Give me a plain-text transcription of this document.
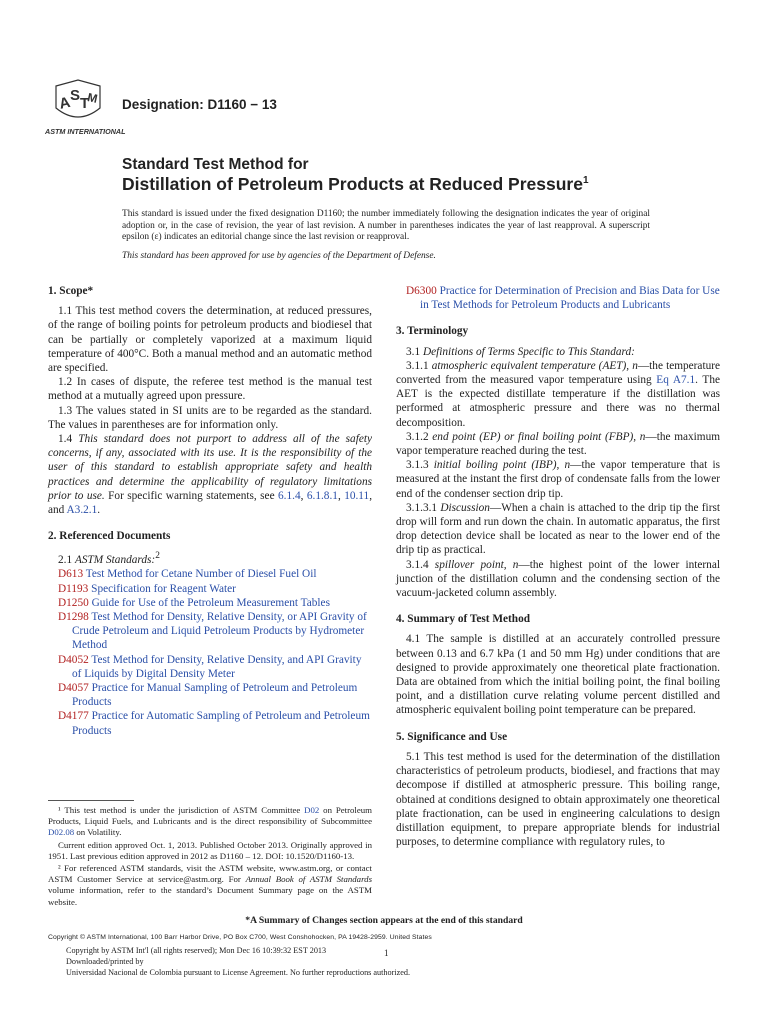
A
S T
M
ASTM INTERNATIONAL
Designation: D1160 − 13
Standard Test Method for
Distillation of Petroleum Products at Reduced Pressure$^1$
This standard is issued under the fixed designation D1160; the number immediately following the designation indicates the year of original adoption or, in the case of revision, the year of last revision. A number in parentheses indicates the year of last reapproval. A superscript epsilon (ε) indicates an editorial change since the last revision or reapproval.
This standard has been approved for use by agencies of the Department of Defense.
1. Scope*

1.1 This test method covers the determination, at reduced pressures, of the range of boiling points for petroleum products and biodiesel that can be partially or completely vaporized at a maximum liquid temperature of 400°C. Both a manual method and an automatic method are specified.

1.2 In cases of dispute, the referee test method is the manual test method at a mutually agreed upon pressure.

1.3 The values stated in SI units are to be regarded as the standard. The values in parentheses are for information only.

1.4 This standard does not purport to address all of the safety concerns, if any, associated with its use. It is the responsibility of the user of this standard to establish appropriate safety and health practices and determine the applicability of regulatory limitations prior to use. For specific warning statements, see 6.1.4, 6.1.8.1, 10.11, and A3.2.1.

2. Referenced Documents

2.1 ASTM Standards:$^2$

D613 Test Method for Cetane Number of Diesel Fuel Oil

D1193 Specification for Reagent Water

D1250 Guide for Use of the Petroleum Measurement Tables

D1298 Test Method for Density, Relative Density, or API Gravity of Crude Petroleum and Liquid Petroleum Products by Hydrometer Method

D4052 Test Method for Density, Relative Density, and API Gravity of Liquids by Digital Density Meter

D4057 Practice for Manual Sampling of Petroleum and Petroleum Products

D4177 Practice for Automatic Sampling of Petroleum and Petroleum Products

D6300 Practice for Determination of Precision and Bias Data for Use in Test Methods for Petroleum Products and Lubricants

3. Terminology

3.1 Definitions of Terms Specific to This Standard:

3.1.1 atmospheric equivalent temperature (AET), n—the temperature converted from the measured vapor temperature using Eq A7.1. The AET is the expected distillate temperature if the distillation was performed at atmospheric pressure and there was no thermal decomposition.

3.1.2 end point (EP) or final boiling point (FBP), n—the maximum vapor temperature reached during the test.

3.1.3 initial boiling point (IBP), n—the vapor temperature that is measured at the instant the first drop of condensate falls from the lower end of the condenser section drip tip.

3.1.3.1 Discussion—When a chain is attached to the drip tip the first drop will form and run down the chain. In automatic apparatus, the first drop detection device shall be located as near to the lower end of the drip tip as practical.

3.1.4 spillover point, n—the highest point of the lower internal junction of the distillation column and the condensing section of the vacuum-jacketed column assembly.

4. Summary of Test Method

4.1 The sample is distilled at an accurately controlled pressure between 0.13 and 6.7 kPa (1 and 50 mm Hg) under conditions that are designed to provide approximately one theoretical plate fractionation. Data are obtained from which the initial boiling point, the final boiling point, and a distillation curve relating volume percent distilled and atmospheric equivalent boiling point temperature can be prepared.

5. Significance and Use

5.1 This test method is used for the determination of the distillation characteristics of petroleum products, biodiesel, and fractions that may decompose if distilled at atmospheric pressure. This boiling range, obtained at conditions designed to obtain approximately one theoretical plate fractionation, can be used in engineering calculations to design distillation equipment, to prepare appropriate blends for industrial purposes, to determine compliance with regulatory rules, to

¹ This test method is under the jurisdiction of ASTM Committee D02 on Petroleum Products, Liquid Fuels, and Lubricants and is the direct responsibility of Subcommittee D02.08 on Volatility.

Current edition approved Oct. 1, 2013. Published October 2013. Originally approved in 1951. Last previous edition approved in 2012 as D1160 – 12. DOI: 10.1520/D1160-13.

² For referenced ASTM standards, visit the ASTM website, www.astm.org, or contact ASTM Customer Service at service@astm.org. For Annual Book of ASTM Standards volume information, refer to the standard’s Document Summary page on the ASTM website.

*A Summary of Changes section appears at the end of this standard
Copyright © ASTM International, 100 Barr Harbor Drive, PO Box C700, West Conshohocken, PA 19428-2959. United States
Copyright by ASTM Int'l (all rights reserved); Mon Dec 16 10:39:32 EST 2013
Downloaded/printed by
Universidad Nacional de Colombia pursuant to License Agreement. No further reproductions authorized.
1
